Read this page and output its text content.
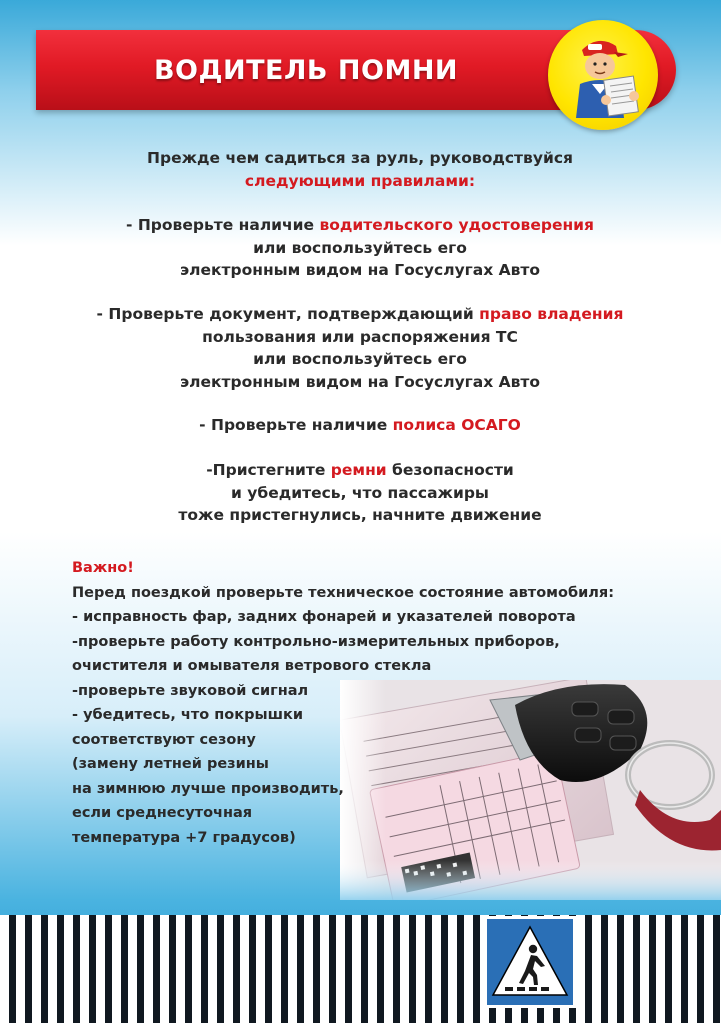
ВОДИТЕЛЬ ПОМНИ
Прежде чем садиться за руль, руководствуйся
следующими правилами:
- Проверьте наличие водительского удостоверения
или воспользуйтесь его
электронным видом на Госуслугах Авто
- Проверьте документ, подтверждающий право владения
пользования или распоряжения ТС
или воспользуйтесь его
электронным видом на Госуслугах Авто
- Проверьте наличие полиса ОСАГО
-Пристегните ремни безопасности
и убедитесь, что пассажиры
тоже пристегнулись, начните движение
Важно!
Перед поездкой проверьте техническое состояние автомобиля:
- исправность фар, задних фонарей и указателей поворота
-проверьте работу контрольно-измерительных приборов,
очистителя и омывателя ветрового стекла
-проверьте звуковой сигнал
- убедитесь, что покрышки
соответствуют сезону
(замену летней резины
на зимнюю лучше производить,
если среднесуточная
температура +7 градусов)
